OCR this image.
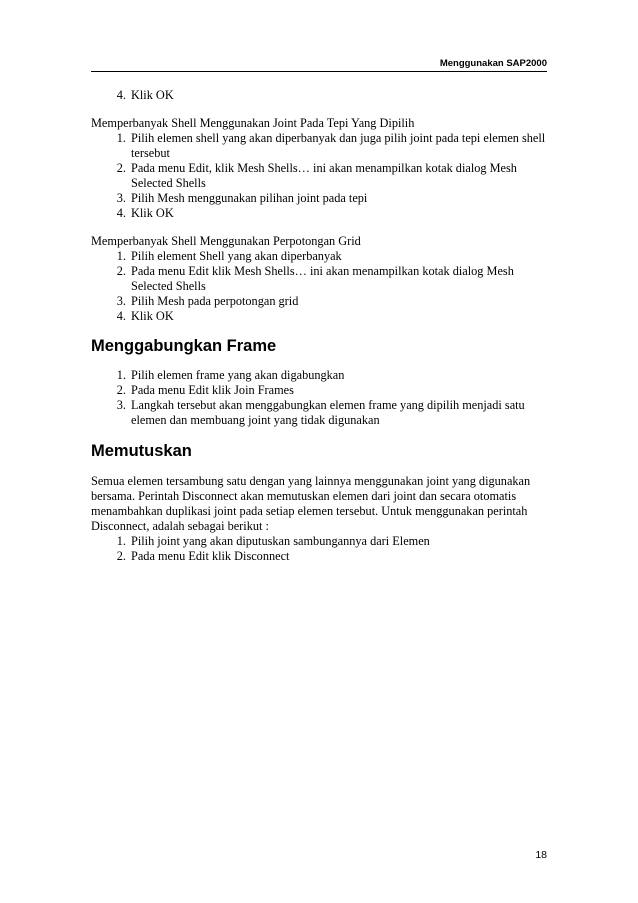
Menggunakan SAP2000
4. Klik OK

Memperbanyak Shell Menggunakan Joint Pada Tepi Yang Dipilih

1. Pilih elemen shell yang akan diperbanyak dan juga pilih joint pada tepi elemen shell tersebut
2. Pada menu Edit, klik Mesh Shells… ini akan menampilkan kotak dialog Mesh Selected Shells
3. Pilih Mesh menggunakan pilihan joint pada tepi
4. Klik OK

Memperbanyak Shell Menggunakan Perpotongan Grid

1. Pilih element Shell yang akan diperbanyak
2. Pada menu Edit klik Mesh Shells… ini akan menampilkan kotak dialog Mesh Selected Shells
3. Pilih Mesh pada perpotongan grid
4. Klik OK
Menggabungkan Frame
1. Pilih elemen frame yang akan digabungkan
2. Pada menu Edit klik Join Frames
3. Langkah tersebut akan menggabungkan elemen frame yang dipilih menjadi satu elemen dan membuang joint yang tidak digunakan
Memutuskan

Semua elemen tersambung satu dengan yang lainnya menggunakan joint yang digunakan bersama. Perintah Disconnect akan memutuskan elemen dari joint dan secara otomatis menambahkan duplikasi joint pada setiap elemen tersebut. Untuk menggunakan perintah Disconnect, adalah sebagai berikut :

1. Pilih joint yang akan diputuskan sambungannya dari Elemen
2. Pada menu Edit klik Disconnect
18
